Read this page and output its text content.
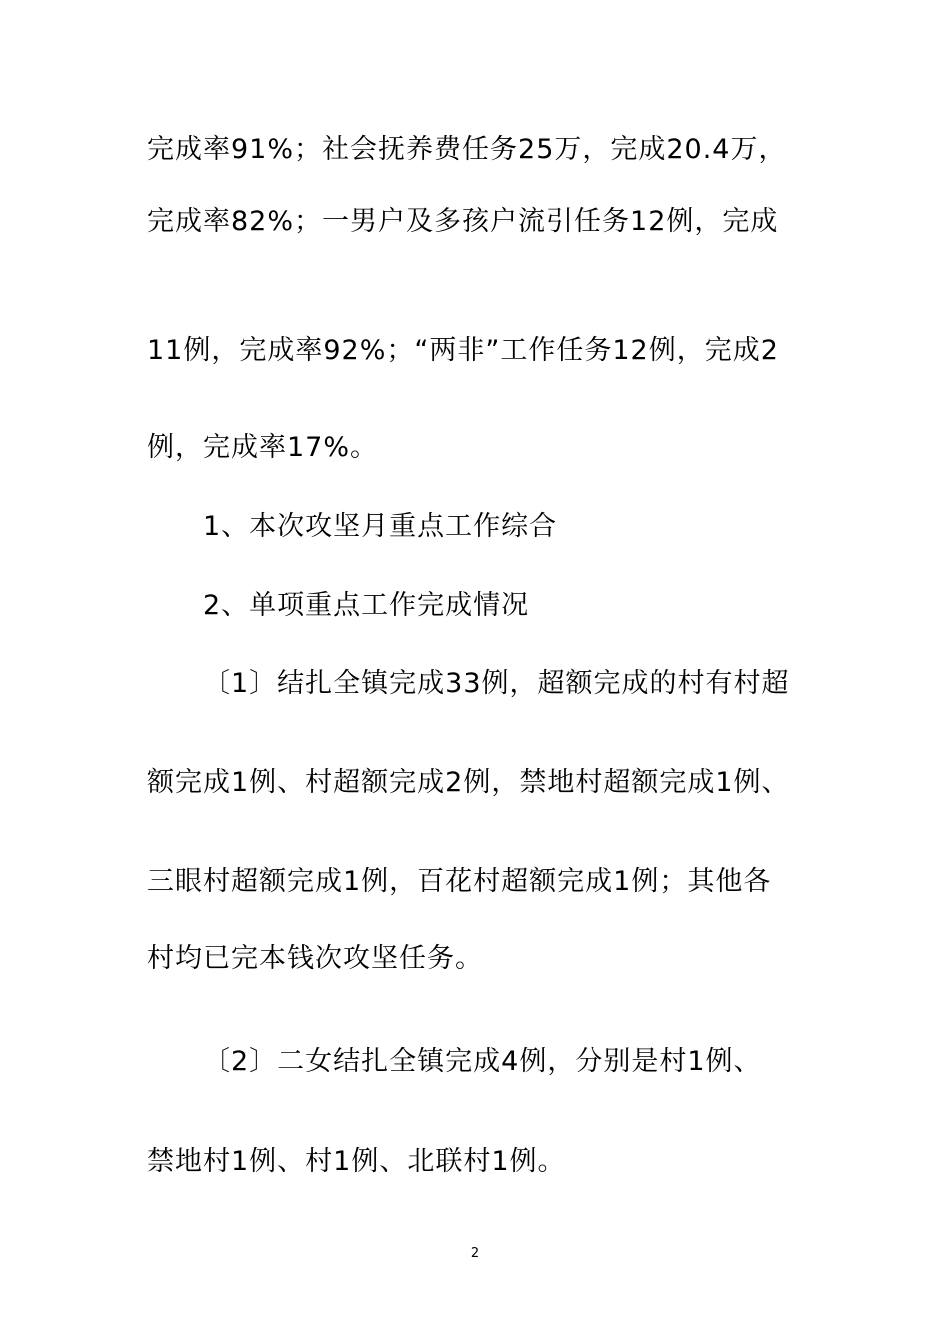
完成率91%；社会抚养费任务25万，完成20.4万，
完成率82%；一男户及多孩户流引任务12例，完成
11例，完成率92%；“两非”工作任务12例，完成2
例，完成率17%。
1、本次攻坚月重点工作综合
2、单项重点工作完成情况
〔1〕结扎全镇完成33例，超额完成的村有村超
额完成1例、村超额完成2例，禁地村超额完成1例、
三眼村超额完成1例，百花村超额完成1例；其他各
村均已完本钱次攻坚任务。
〔2〕二女结扎全镇完成4例，分别是村1例、
禁地村1例、村1例、北联村1例。
2
